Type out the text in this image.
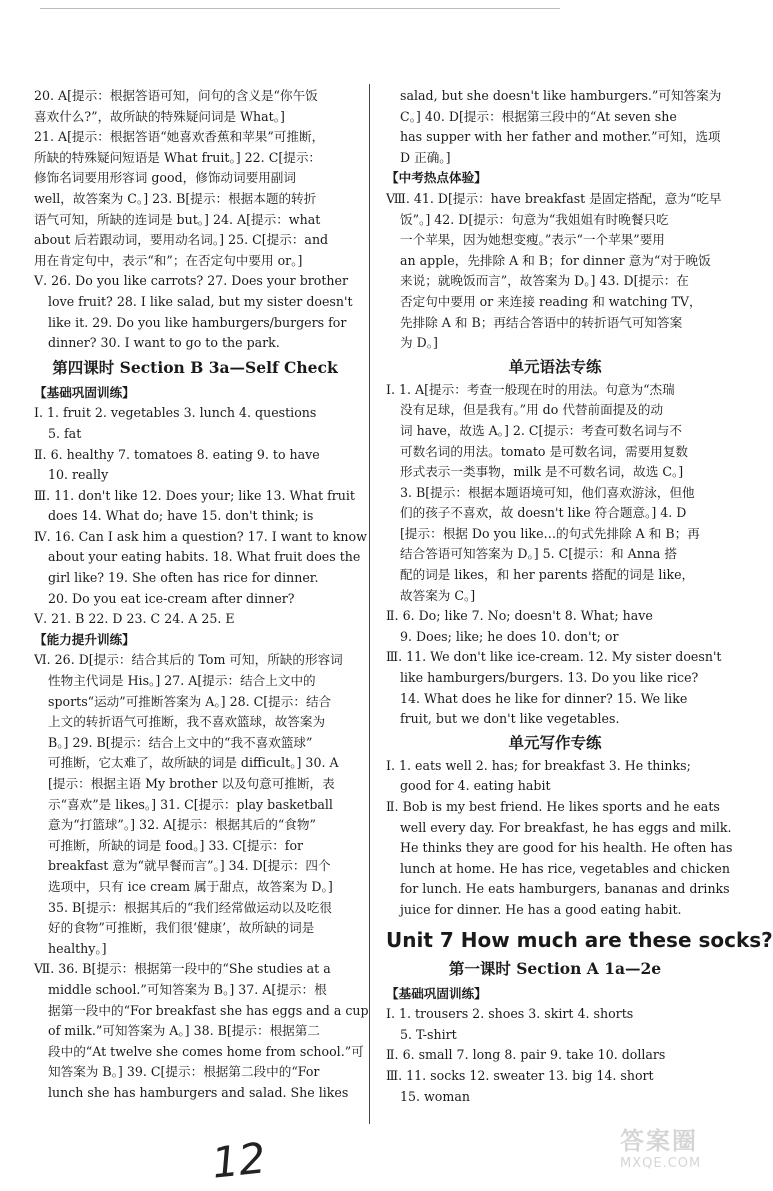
20. A[提示：根据答语可知，问句的含义是“你午饭
喜欢什么?”，故所缺的特殊疑问词是 What。]
21. A[提示：根据答语“她喜欢香蕉和苹果”可推断，
所缺的特殊疑问短语是 What fruit。] 22. C[提示：
修饰名词要用形容词 good，修饰动词要用副词
well，故答案为 C。] 23. B[提示：根据本题的转折
语气可知，所缺的连词是 but。] 24. A[提示：what
about 后若跟动词，要用动名词。] 25. C[提示：and
用在肯定句中，表示“和”；在否定句中要用 or。]
Ⅴ. 26. Do you like carrots? 27. Does your brother
love fruit? 28. I like salad, but my sister doesn't
like it. 29. Do you like hamburgers/burgers for
dinner? 30. I want to go to the park.
第四课时 Section B 3a—Self Check
【基础巩固训练】
Ⅰ. 1. fruit 2. vegetables 3. lunch 4. questions
5. fat
Ⅱ. 6. healthy 7. tomatoes 8. eating 9. to have
10. really
Ⅲ. 11. don't like 12. Does your; like 13. What fruit
does 14. What do; have 15. don't think; is
Ⅳ. 16. Can I ask him a question? 17. I want to know
about your eating habits. 18. What fruit does the
girl like? 19. She often has rice for dinner.
20. Do you eat ice-cream after dinner?
Ⅴ. 21. B 22. D 23. C 24. A 25. E
【能力提升训练】
Ⅵ. 26. D[提示：结合其后的 Tom 可知，所缺的形容词
性物主代词是 His。] 27. A[提示：结合上文中的
sports“运动”可推断答案为 A。] 28. C[提示：结合
上文的转折语气可推断，我不喜欢篮球，故答案为
B。] 29. B[提示：结合上文中的“我不喜欢篮球”
可推断，它太难了，故所缺的词是 difficult。] 30. A
[提示：根据主语 My brother 以及句意可推断，表
示“喜欢”是 likes。] 31. C[提示：play basketball
意为“打篮球”。] 32. A[提示：根据其后的“食物”
可推断，所缺的词是 food。] 33. C[提示：for
breakfast 意为“就早餐而言”。] 34. D[提示：四个
选项中，只有 ice cream 属于甜点，故答案为 D。]
35. B[提示：根据其后的“我们经常做运动以及吃很
好的食物”可推断，我们很‘健康’，故所缺的词是
healthy。]
Ⅶ. 36. B[提示：根据第一段中的“She studies at a
middle school.”可知答案为 B。] 37. A[提示：根
据第一段中的“For breakfast she has eggs and a cup
of milk.”可知答案为 A。] 38. B[提示：根据第二
段中的“At twelve she comes home from school.”可
知答案为 B。] 39. C[提示：根据第二段中的“For
lunch she has hamburgers and salad. She likes
salad, but she doesn't like hamburgers.”可知答案为
C。] 40. D[提示：根据第三段中的“At seven she
has supper with her father and mother.”可知，选项
D 正确。]
【中考热点体验】
Ⅷ. 41. D[提示：have breakfast 是固定搭配，意为“吃早
饭”。] 42. D[提示：句意为“我姐姐有时晚餐只吃
一个苹果，因为她想变瘦。”表示“一个苹果”要用
an apple，先排除 A 和 B；for dinner 意为“对于晚饭
来说；就晚饭而言”，故答案为 D。] 43. D[提示：在
否定句中要用 or 来连接 reading 和 watching TV，
先排除 A 和 B；再结合答语中的转折语气可知答案
为 D。]
单元语法专练
Ⅰ. 1. A[提示：考查一般现在时的用法。句意为“杰瑞
没有足球，但是我有。”用 do 代替前面提及的动
词 have，故选 A。] 2. C[提示：考查可数名词与不
可数名词的用法。tomato 是可数名词，需要用复数
形式表示一类事物，milk 是不可数名词，故选 C。]
3. B[提示：根据本题语境可知，他们喜欢游泳，但他
们的孩子不喜欢，故 doesn't like 符合题意。] 4. D
[提示：根据 Do you like…的句式先排除 A 和 B；再
结合答语可知答案为 D。] 5. C[提示：和 Anna 搭
配的词是 likes，和 her parents 搭配的词是 like，
故答案为 C。]
Ⅱ. 6. Do; like 7. No; doesn't 8. What; have
9. Does; like; he does 10. don't; or
Ⅲ. 11. We don't like ice-cream. 12. My sister doesn't
like hamburgers/burgers. 13. Do you like rice?
14. What does he like for dinner? 15. We like
fruit, but we don't like vegetables.
单元写作专练
Ⅰ. 1. eats well 2. has; for breakfast 3. He thinks;
good for 4. eating habit
Ⅱ. Bob is my best friend. He likes sports and he eats
well every day. For breakfast, he has eggs and milk.
He thinks they are good for his health. He often has
lunch at home. He has rice, vegetables and chicken
for lunch. He eats hamburgers, bananas and drinks
juice for dinner. He has a good eating habit.
Unit 7 How much are these socks?
第一课时 Section A 1a—2e
【基础巩固训练】
Ⅰ. 1. trousers 2. shoes 3. skirt 4. shorts
5. T-shirt
Ⅱ. 6. small 7. long 8. pair 9. take 10. dollars
Ⅲ. 11. socks 12. sweater 13. big 14. short
15. woman
12	答案圈
MXQE.COM
